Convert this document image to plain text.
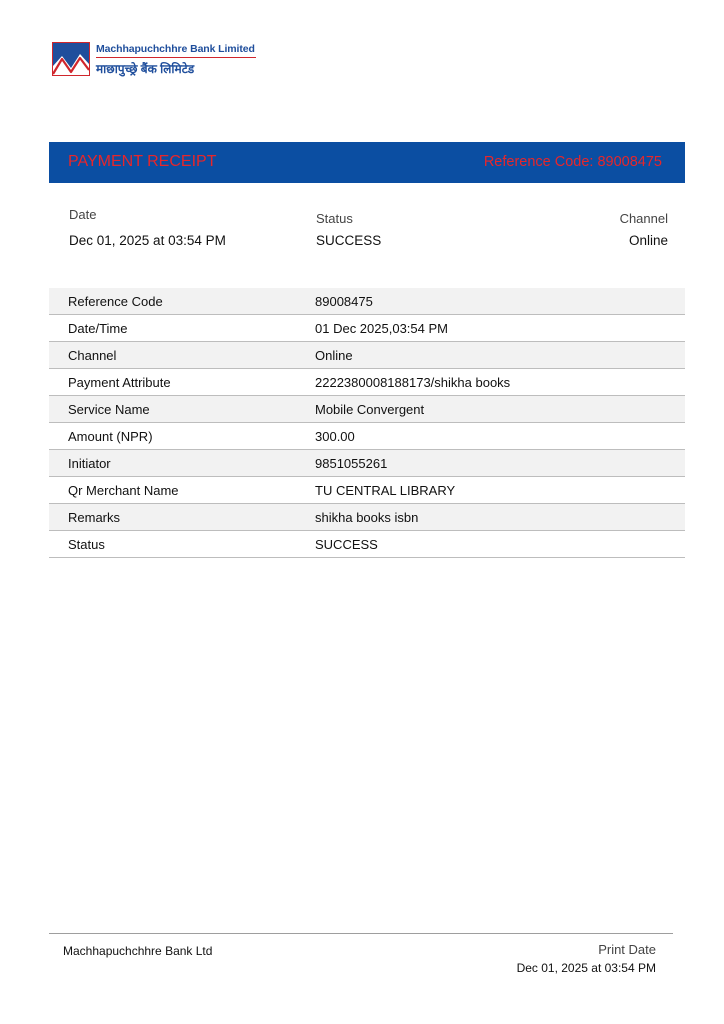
Machhapuchchhre Bank Limited
माछापुच्छ्रे बैंक लिमिटेड
PAYMENT RECEIPT	Reference Code: 89008475
Date
Dec 01, 2025 at 03:54 PM
Status
SUCCESS
Channel
Online
Reference Code	89008475
Date/Time	01 Dec 2025,03:54 PM
Channel	Online
Payment Attribute	2222380008188173/shikha books
Service Name	Mobile Convergent
Amount (NPR)	300.00
Initiator	9851055261
Qr Merchant Name	TU CENTRAL LIBRARY
Remarks	shikha books isbn
Status	SUCCESS
Machhapuchchhre Bank Ltd	Print Date
Dec 01, 2025 at 03:54 PM
